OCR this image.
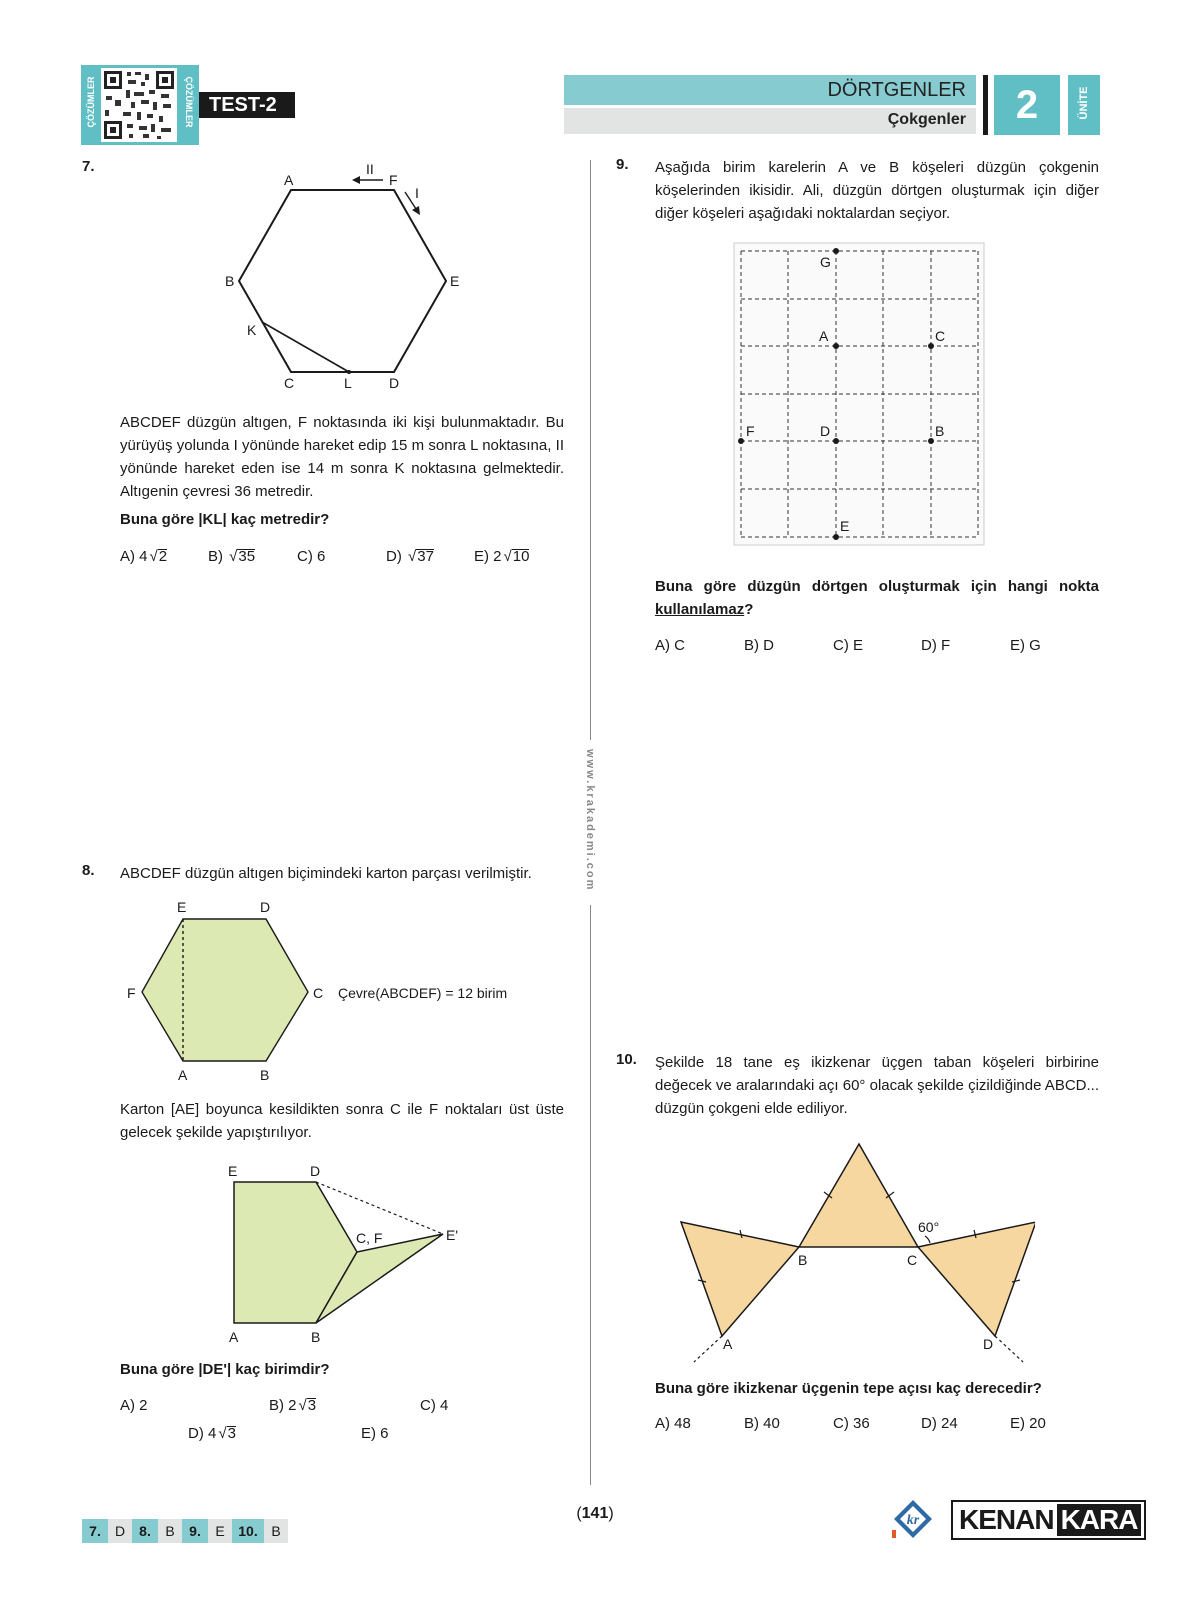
ÇÖZÜMLER	ÇÖZÜMLER TEST-2
DÖRTGENLER
Çokgenler	2	ÜNİTE
www.krakademi.com
7.
A	F
II
I
B	E
K
C	L	D
ABCDEF düzgün altıgen, F noktasında iki kişi bulunmaktadır. Bu yürüyüş yolunda I yönünde hareket edip 15 m sonra L noktasına, II yönünde hareket eden ise 14 m sonra K noktasına gelmektedir. Altıgenin çevresi 36 metredir.
Buna göre |KL| kaç metredir?
A) 4 √2	B) √35	C) 6	D) √37	E) 2 √10
8. ABCDEF düzgün altıgen biçimindeki karton parçası verilmiştir.
E	D
F	C
A	B
Çevre(ABCDEF) = 12 birim
Karton [AE] boyunca kesildikten sonra C ile F noktaları üst üste gelecek şekilde yapıştırılıyor.
E	D
C, F	E'
A	B
Buna göre |DE'| kaç birimdir?
A) 2	B) 2 √3	C) 4
D) 4 √3	E) 6
9. Aşağıda birim karelerin A ve B köşeleri düzgün çokgenin köşelerinden ikisidir. Ali, düzgün dörtgen oluşturmak için diğer diğer köşeleri aşağıdaki noktalardan seçiyor.
G
A	C
F	D	B
E
Buna göre düzgün dörtgen oluşturmak için hangi nokta kullanılamaz?
A) C	B) D	C) E	D) F	E) G
10. Şekilde 18 tane eş ikizkenar üçgen taban köşeleri birbirine değecek ve aralarındaki açı 60° olacak şekilde çizildiğinde ABCD... düzgün çokgeni elde ediliyor.
60°
B	C
A	D
Buna göre ikizkenar üçgenin tepe açısı kaç derecedir?
A) 48	B) 40	C) 36	D) 24	E) 20
7.	D	8.	B	9.	E 10. B
(141)	kr KENAN KARA
